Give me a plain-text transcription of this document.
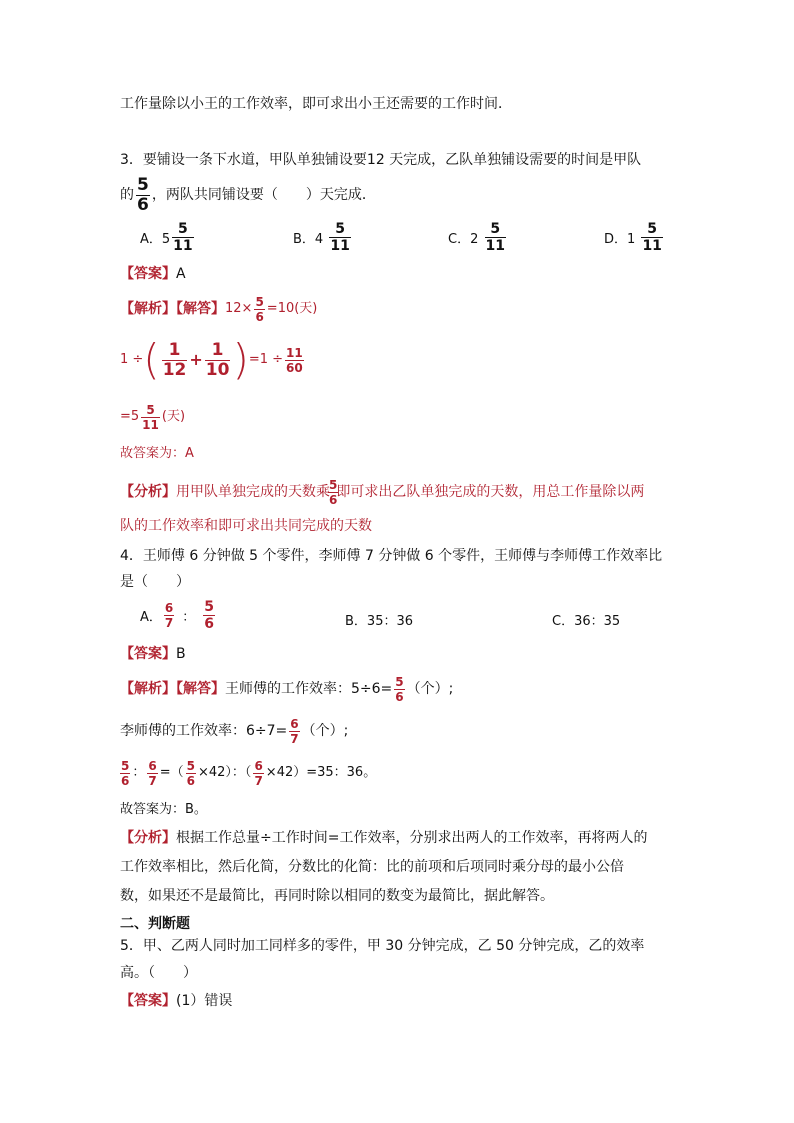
工作量除以小王的工作效率，即可求出小王还需要的工作时间．
3．要铺设一条下水道，甲队单独铺设要12 天完成，乙队单独铺设需要的时间是甲队
的 $\frac{5}{6}$ ，两队共同铺设要（　　）天完成．
A．$5 \frac{5}{11}$	B．4
$\frac{5}{11}$	C．2
$\frac{5}{11}$	D．1
$\frac{5}{11}$
【答案】A
【解析】【解答】 $12\times \frac{5}{6} =10$(天)
1 ÷ ( $\frac{1}{12} + \frac{1}{10}$ ) $=1 \div \frac{11}{60}$
$=5 \frac{5}{11}$ (天)
故答案为：A
【分析】 用甲队单独完成的天数乘
$\frac{5}{6}$
即可求出乙队单独完成的天数，用总工作量除以两
队的工作效率和即可求出共同完成的天数
4．王师傅 6 分钟做 5 个零件，李师傅 7 分钟做 6 个零件，王师傅与李师傅工作效率比
是（　　）
A． $\frac{6}{7}$ ： $\frac{5}{6}$	B．35：36	C．36：35
【答案】B
【解析】【解答】 王师傅的工作效率：$5\div 6= \frac{5}{6}$ （个）;
李师傅的工作效率：$6\div 7= \frac{6}{7}$ （个）;
$\frac{5}{6}$ ： $\frac{6}{7}$ =（ $\frac{5}{6} \times 42$）：（ $\frac{6}{7} \times 42)=35$：36。
故答案为：B。
【分析】根据工作总量÷工作时间=工作效率，分别求出两人的工作效率，再将两人的
工作效率相比，然后化简，分数比的化简：比的前项和后项同时乘分母的最小公倍
数，如果还不是最简比，再同时除以相同的数变为最简比，据此解答。
二、判断题
5．甲、乙两人同时加工同样多的零件，甲 30 分钟完成，乙 50 分钟完成，乙的效率
高。（　　）
【答案】(1）错误
